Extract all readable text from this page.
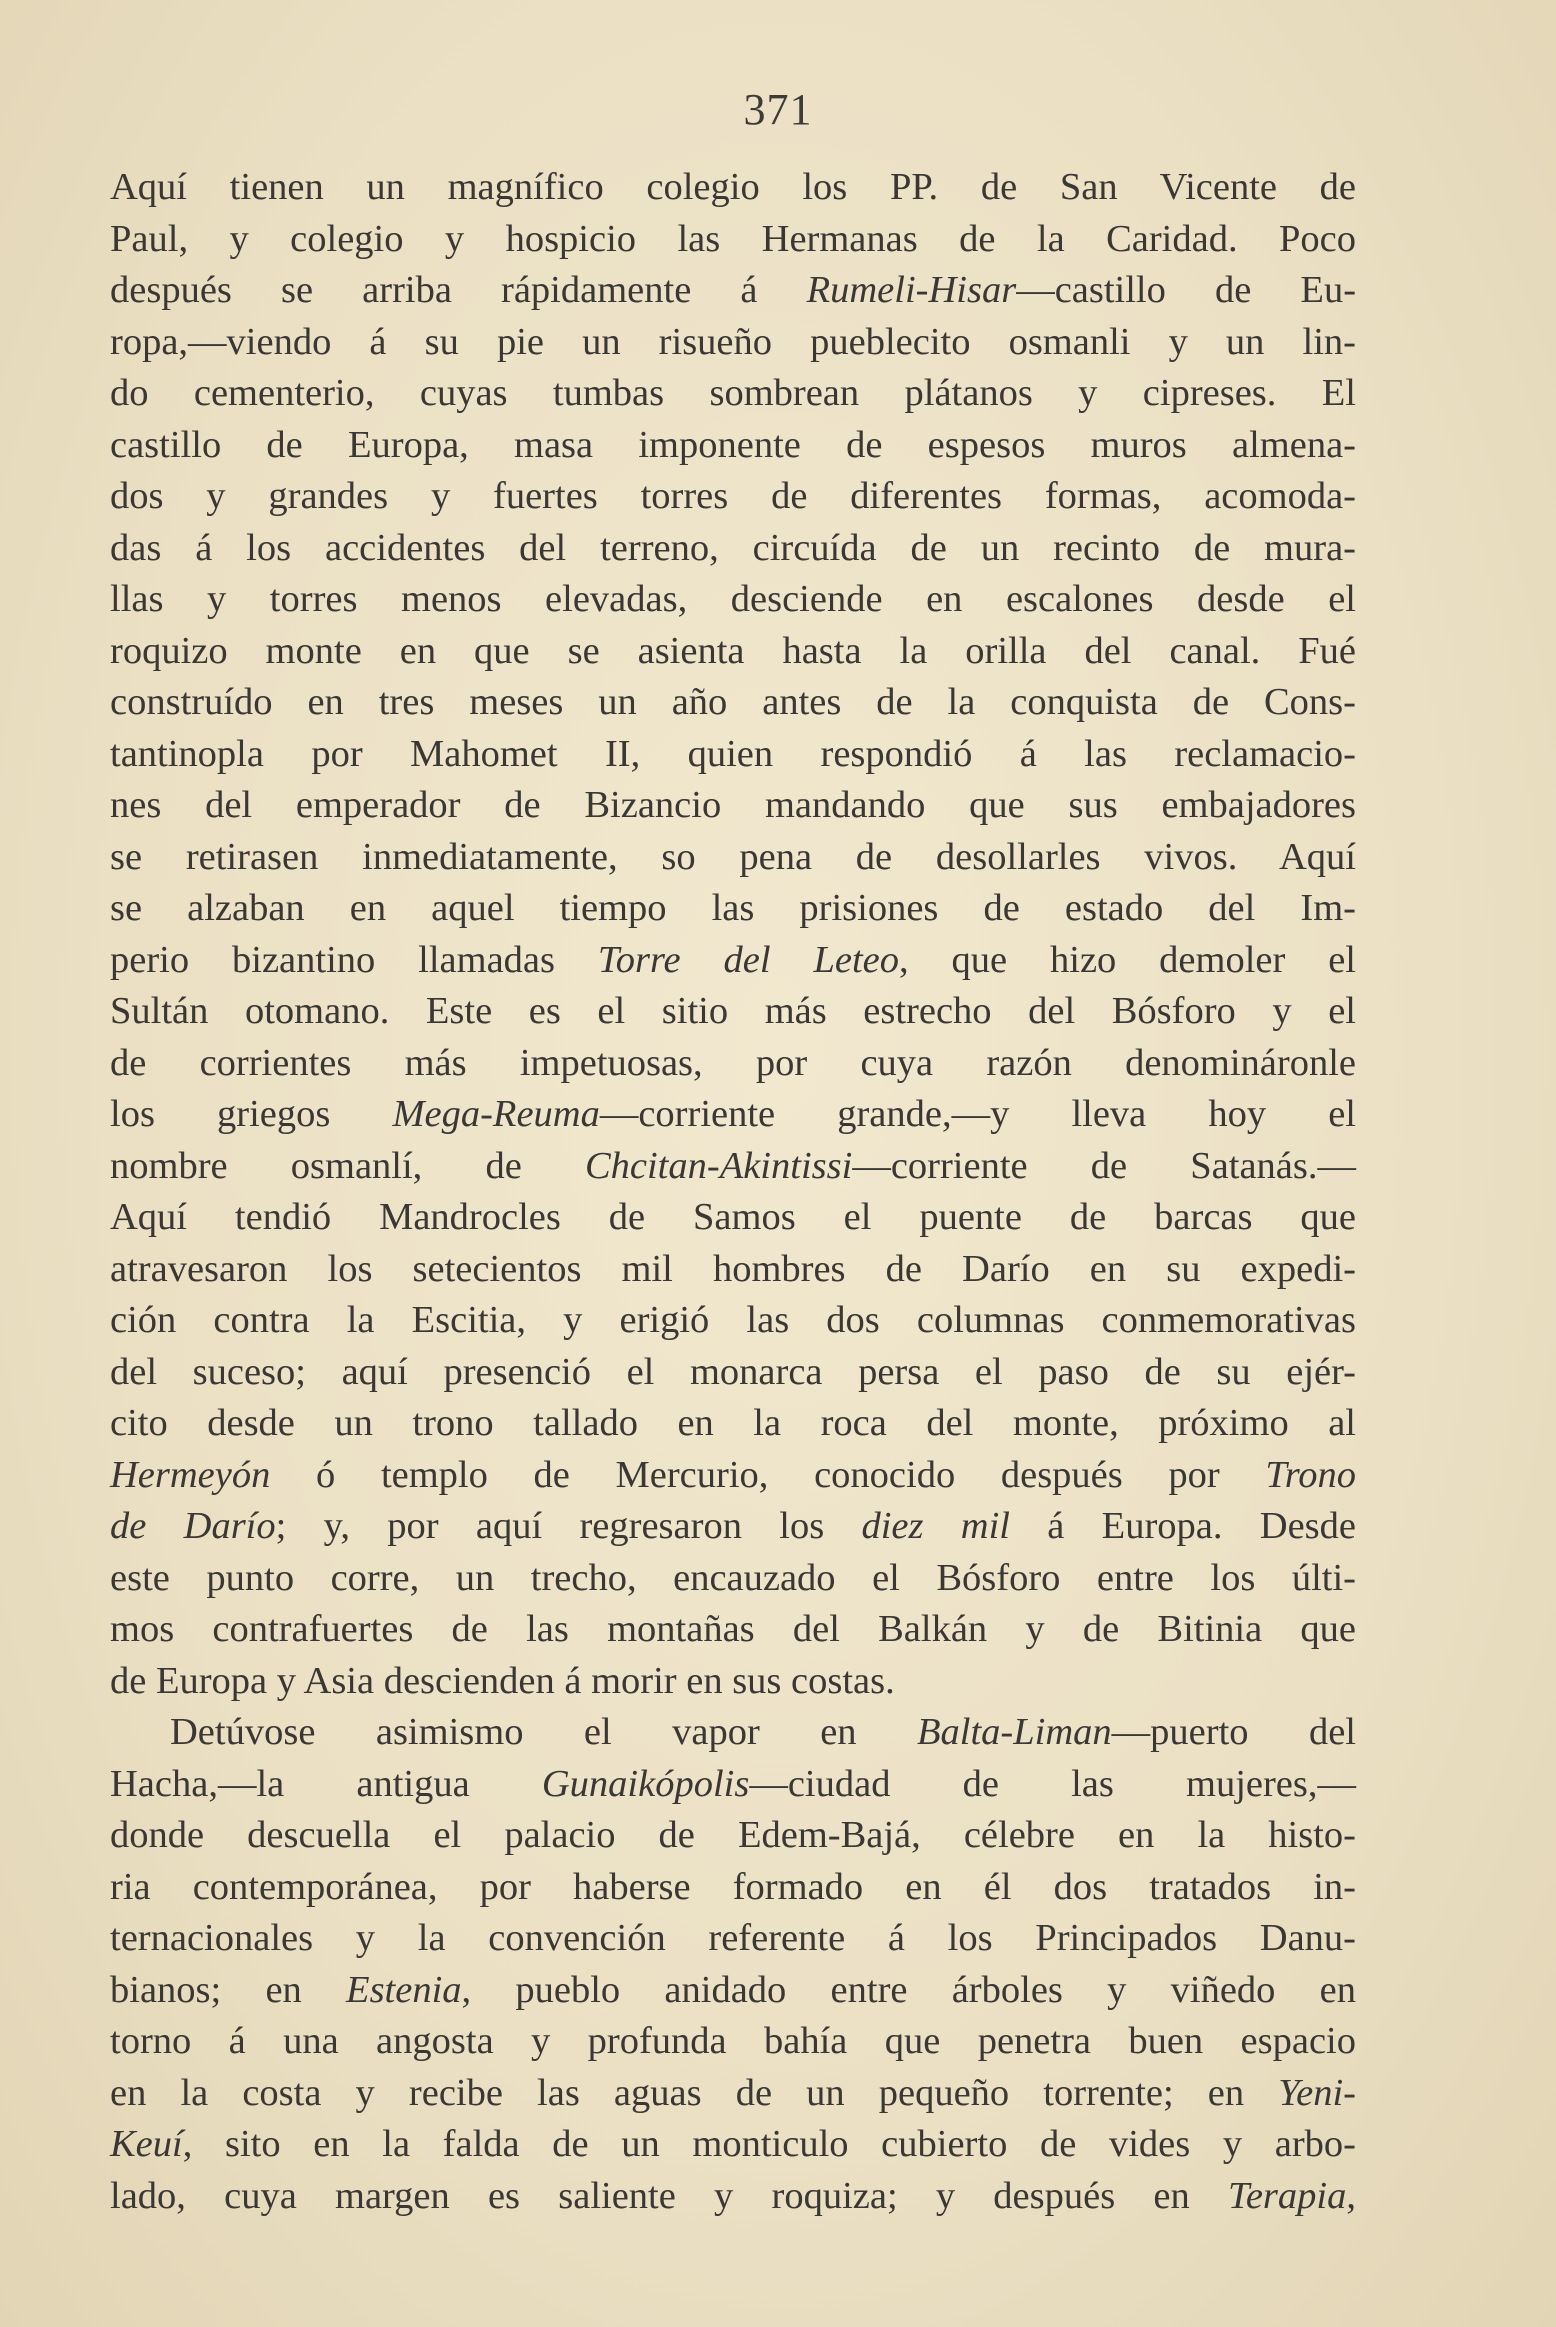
371
Aquí tienen un magnífico colegio los PP. de San Vicente de
Paul, y colegio y hospicio las Hermanas de la Caridad. Poco
después se arriba rápidamente á Rumeli-Hisar—castillo de Eu-
ropa,—viendo á su pie un risueño pueblecito osmanli y un lin-
do cementerio, cuyas tumbas sombrean plátanos y cipreses. El
castillo de Europa, masa imponente de espesos muros almena-
dos y grandes y fuertes torres de diferentes formas, acomoda-
das á los accidentes del terreno, circuída de un recinto de mura-
llas y torres menos elevadas, desciende en escalones desde el
roquizo monte en que se asienta hasta la orilla del canal. Fué
construído en tres meses un año antes de la conquista de Cons-
tantinopla por Mahomet II, quien respondió á las reclamacio-
nes del emperador de Bizancio mandando que sus embajadores
se retirasen inmediatamente, so pena de desollarles vivos. Aquí
se alzaban en aquel tiempo las prisiones de estado del Im-
perio bizantino llamadas Torre del Leteo, que hizo demoler el
Sultán otomano. Este es el sitio más estrecho del Bósforo y el
de corrientes más impetuosas, por cuya razón denomináronle
los griegos Mega-Reuma—corriente grande,—y lleva hoy el
nombre osmanlí, de Chcitan-Akintissi—corriente de Satanás.—
Aquí tendió Mandrocles de Samos el puente de barcas que
atravesaron los setecientos mil hombres de Darío en su expedi-
ción contra la Escitia, y erigió las dos columnas conmemorativas
del suceso; aquí presenció el monarca persa el paso de su ejér-
cito desde un trono tallado en la roca del monte, próximo al
Hermeyón ó templo de Mercurio, conocido después por Trono
de Darío; y, por aquí regresaron los diez mil á Europa. Desde
este punto corre, un trecho, encauzado el Bósforo entre los últi-
mos contrafuertes de las montañas del Balkán y de Bitinia que
de Europa y Asia descienden á morir en sus costas.
Detúvose asimismo el vapor en Balta-Liman—puerto del
Hacha,—la antigua Gunaikópolis—ciudad de las mujeres,—
donde descuella el palacio de Edem-Bajá, célebre en la histo-
ria contemporánea, por haberse formado en él dos tratados in-
ternacionales y la convención referente á los Principados Danu-
bianos; en Estenia, pueblo anidado entre árboles y viñedo en
torno á una angosta y profunda bahía que penetra buen espacio
en la costa y recibe las aguas de un pequeño torrente; en Yeni-
Keuí, sito en la falda de un monticulo cubierto de vides y arbo-
lado, cuya margen es saliente y roquiza; y después en Terapia,
